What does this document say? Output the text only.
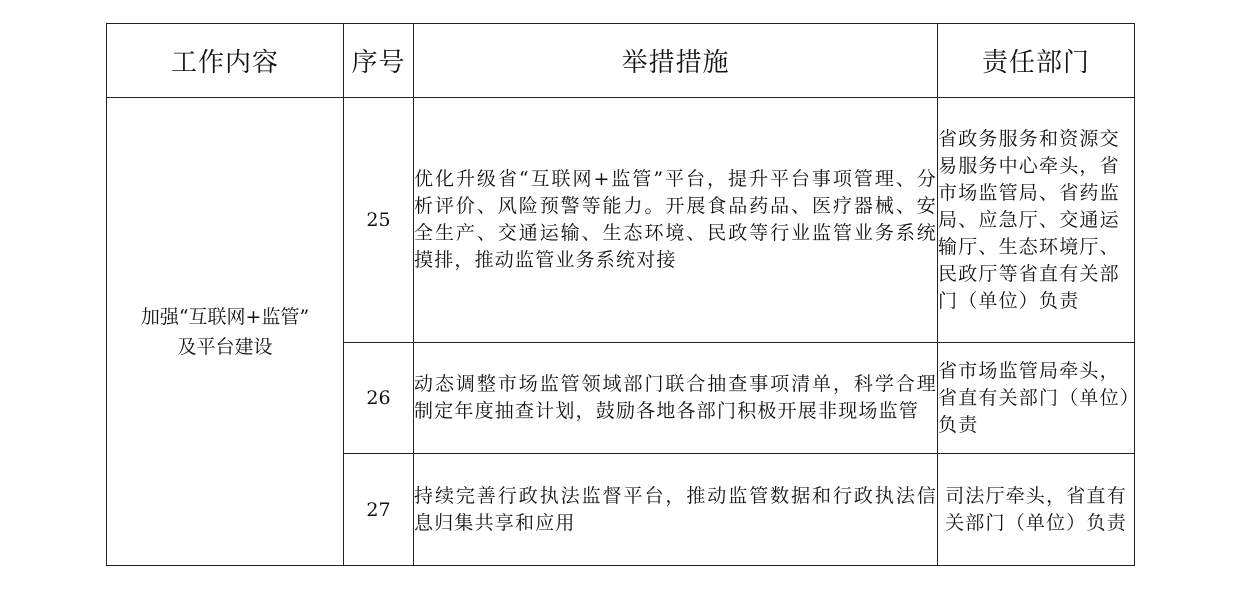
工作内容	序号	举措措施	责任部门

加强“互联网+监管”
及平台建设	25	优化升级省“互联网+监管”平台，提升平台事项管理、分析评价、风险预警等能力。开展食品药品、医疗器械、安全生产、交通运输、生态环境、民政等行业监管业务系统摸排，推动监管业务系统对接	省政务服务和资源交易服务中心牵头，省市场监管局、省药监局、应急厅、交通运输厅、生态环境厅、民政厅等省直有关部门（单位）负责

	26	动态调整市场监管领域部门联合抽查事项清单，科学合理制定年度抽查计划，鼓励各地各部门积极开展非现场监管	省市场监管局牵头，省直有关部门（单位）负责

	27	持续完善行政执法监督平台，推动监管数据和行政执法信息归集共享和应用	司法厅牵头，省直有关部门（单位）负责
